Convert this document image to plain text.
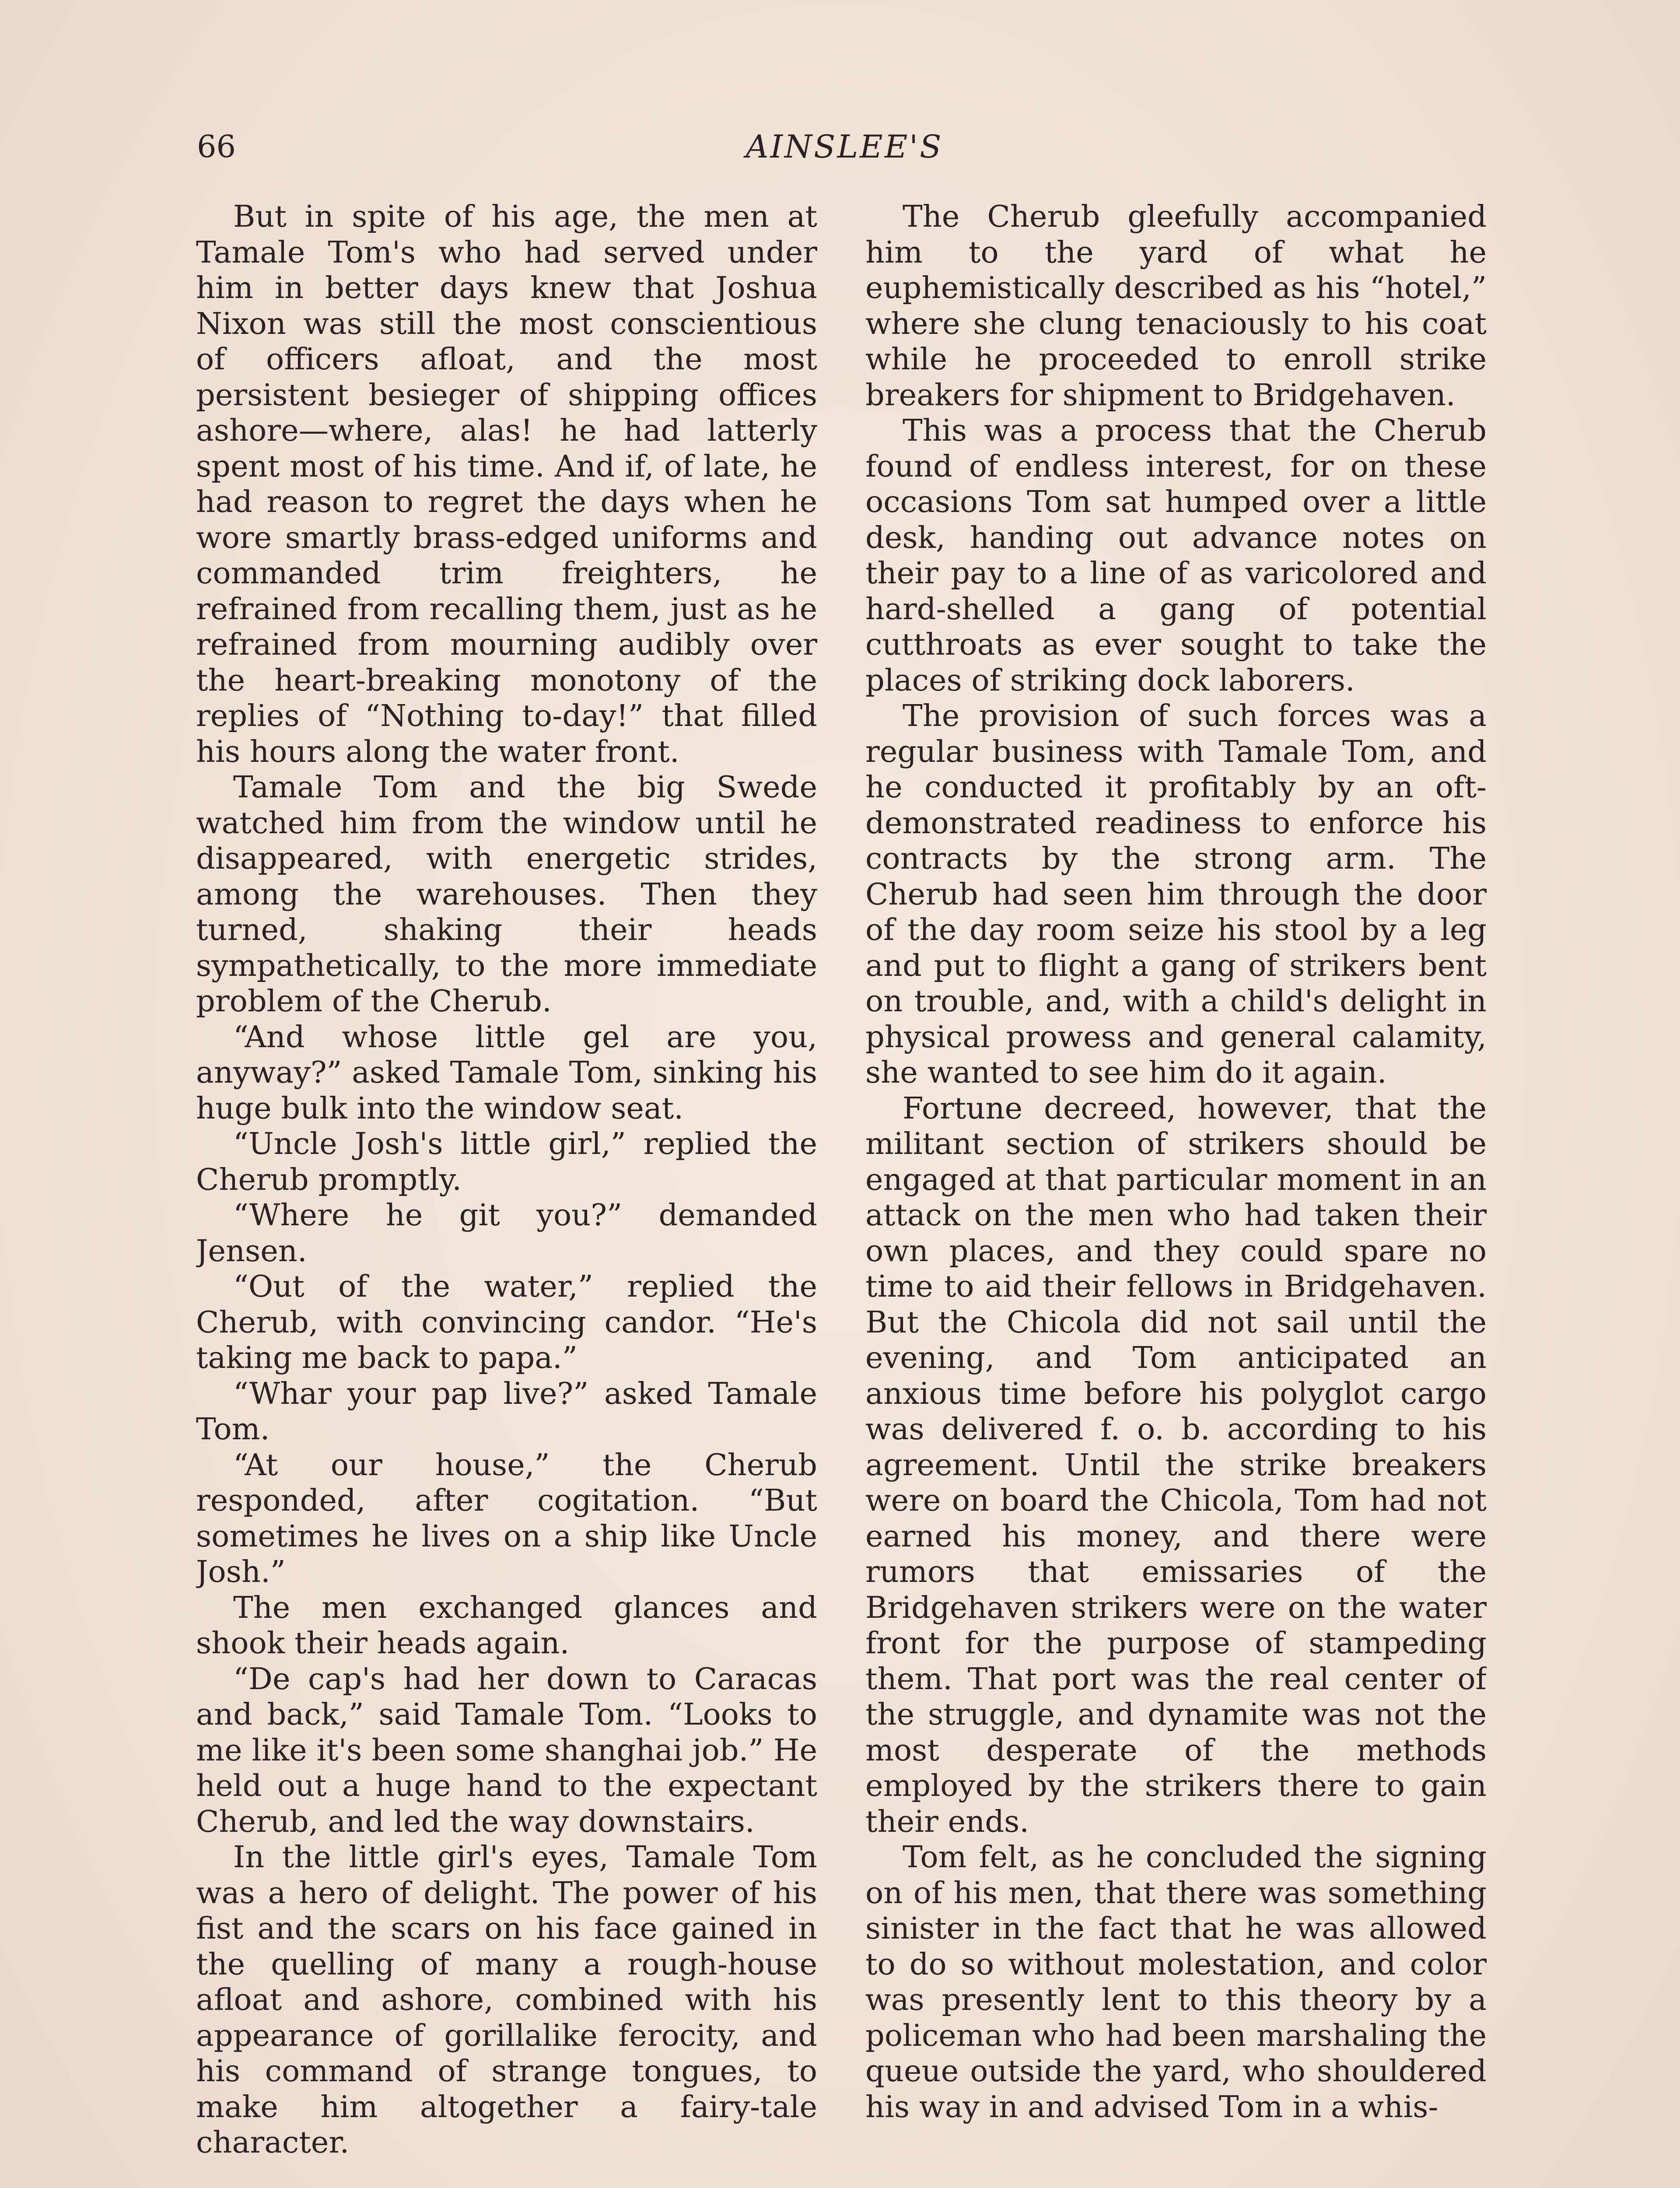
66	AINSLEE'S

But in spite of his age, the men at Tamale Tom's who had served under him in better days knew that Joshua Nixon was still the most conscientious of officers afloat, and the most persistent besieger of shipping offices ashore—where, alas! he had latterly spent most of his time. And if, of late, he had reason to regret the days when he wore smartly brass-edged uniforms and commanded trim freighters, he refrained from recalling them, just as he refrained from mourning audibly over the heart-breaking monotony of the replies of “Nothing to-day!” that filled his hours along the water front.

Tamale Tom and the big Swede watched him from the window until he disappeared, with energetic strides, among the warehouses. Then they turned, shaking their heads sympathetically, to the more immediate problem of the Cherub.

“And whose little gel are you, anyway?” asked Tamale Tom, sinking his huge bulk into the window seat.

“Uncle Josh's little girl,” replied the Cherub promptly.

“Where he git you?” demanded Jensen.

“Out of the water,” replied the Cherub, with convincing candor. “He's taking me back to papa.”

“Whar your pap live?” asked Tamale Tom.

“At our house,” the Cherub responded, after cogitation. “But sometimes he lives on a ship like Uncle Josh.”

The men exchanged glances and shook their heads again.

“De cap's had her down to Caracas and back,” said Tamale Tom. “Looks to me like it's been some shanghai job.” He held out a huge hand to the expectant Cherub, and led the way downstairs.

In the little girl's eyes, Tamale Tom was a hero of delight. The power of his fist and the scars on his face gained in the quelling of many a rough-house afloat and ashore, combined with his appearance of gorillalike ferocity, and his command of strange tongues, to make him altogether a fairy-tale character.

The Cherub gleefully accompanied him to the yard of what he euphemistically described as his “hotel,” where she clung tenaciously to his coat while he proceeded to enroll strike breakers for shipment to Bridgehaven.

This was a process that the Cherub found of endless interest, for on these occasions Tom sat humped over a little desk, handing out advance notes on their pay to a line of as varicolored and hard-shelled a gang of potential cutthroats as ever sought to take the places of striking dock laborers.

The provision of such forces was a regular business with Tamale Tom, and he conducted it profitably by an oft-demonstrated readiness to enforce his contracts by the strong arm. The Cherub had seen him through the door of the day room seize his stool by a leg and put to flight a gang of strikers bent on trouble, and, with a child's delight in physical prowess and general calamity, she wanted to see him do it again.

Fortune decreed, however, that the militant section of strikers should be engaged at that particular moment in an attack on the men who had taken their own places, and they could spare no time to aid their fellows in Bridgehaven. But the Chicola did not sail until the evening, and Tom anticipated an anxious time before his polyglot cargo was delivered f. o. b. according to his agreement. Until the strike breakers were on board the Chicola, Tom had not earned his money, and there were rumors that emissaries of the Bridgehaven strikers were on the water front for the purpose of stampeding them. That port was the real center of the struggle, and dynamite was not the most desperate of the methods employed by the strikers there to gain their ends.

Tom felt, as he concluded the signing on of his men, that there was something sinister in the fact that he was allowed to do so without molestation, and color was presently lent to this theory by a policeman who had been marshaling the queue outside the yard, who shouldered his way in and advised Tom in a whis-
